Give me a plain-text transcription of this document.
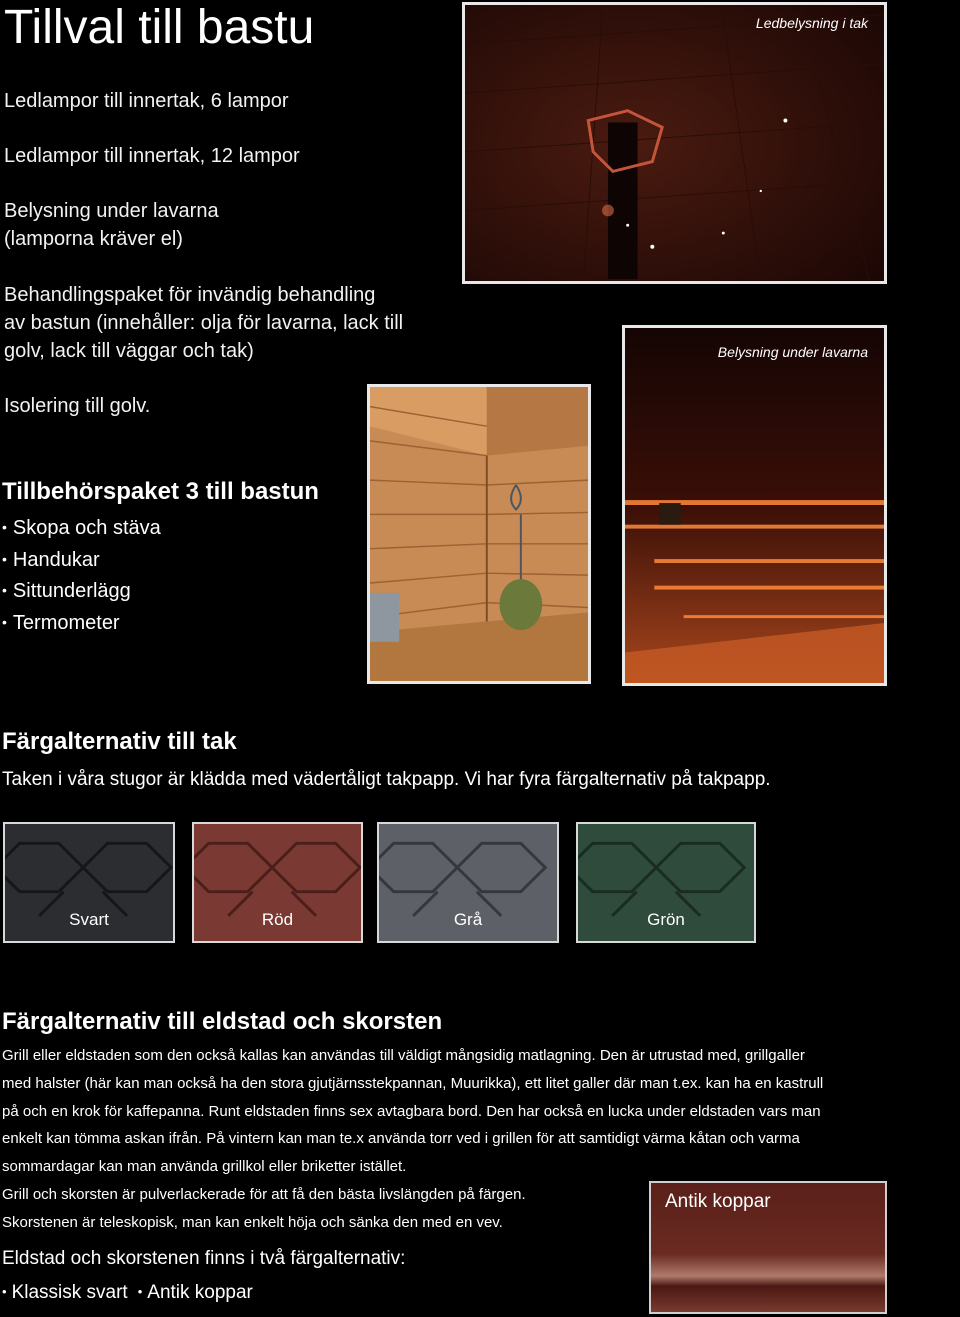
Tillval till bastu

Ledlampor till innertak, 6 lampor

Ledlampor till innertak, 12 lampor

Belysning under lavarna
(lamporna kräver el)

Behandlingspaket för invändig behandling
av bastun (innehåller: olja för lavarna, lack till
golv, lack till väggar och tak)

Isolering till golv.

Tillbehörspaket 3 till bastun
• Skopa och stäva
• Handukar
• Sittunderlägg
• Termometer
Ledbelysning i tak
Belysning under lavarna
Färgalternativ till tak

Taken i våra stugor är klädda med vädertåligt takpapp. Vi har fyra färgalternativ på takpapp.

Svart	Röd	Grå	Grön
Färgalternativ till eldstad och skorsten

Grill eller eldstaden som den också kallas kan användas till väldigt mångsidig matlagning. Den är utrustad med, grillgaller

med halster (här kan man också ha den stora gjutjärnsstekpannan, Muurikka), ett litet galler där man t.ex. kan ha en kastrull

på och en krok för kaffepanna. Runt eldstaden finns sex avtagbara bord. Den har också en lucka under eldstaden vars man

enkelt kan tömma askan ifrån. På vintern kan man te.x använda torr ved i grillen för att samtidigt värma kåtan och varma

sommardagar kan man använda grillkol eller briketter istället.

Grill och skorsten är pulverlackerade för att få den bästa livslängden på färgen.

Skorstenen är teleskopisk, man kan enkelt höja och sänka den med en vev.

Eldstad och skorstenen finns i två färgalternativ:

• Klassisk svart
•	Antik koppar
Antik koppar
